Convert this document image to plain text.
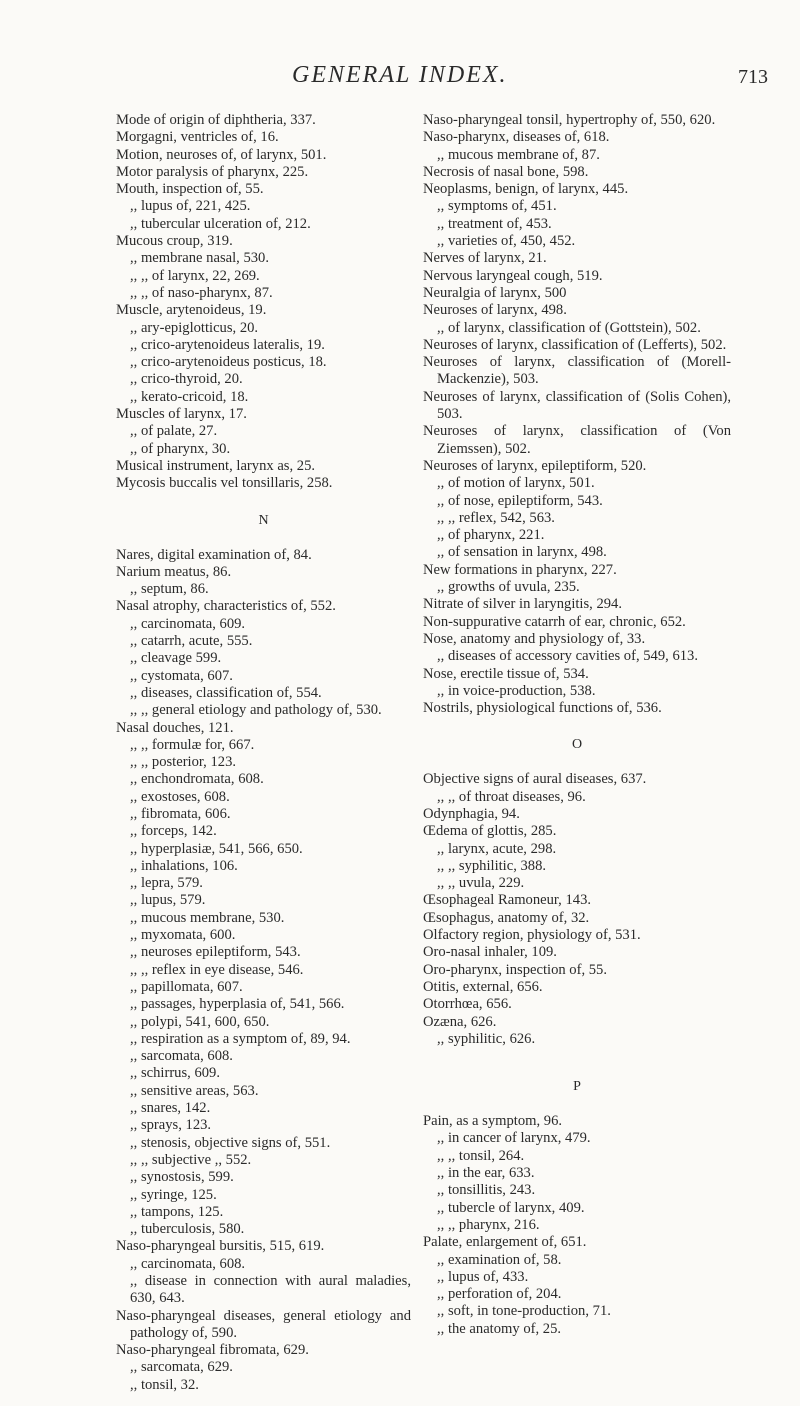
GENERAL INDEX.	713
Mode of origin of diphtheria, 337.
Morgagni, ventricles of, 16.
Motion, neuroses of, of larynx, 501.
Motor paralysis of pharynx, 225.
Mouth, inspection of, 55.
,, lupus of, 221, 425.
,, tubercular ulceration of, 212.
Mucous croup, 319.
,, membrane nasal, 530.
,, ,, of larynx, 22, 269.
,, ,, of naso-pharynx, 87.
Muscle, arytenoideus, 19.
,, ary-epiglotticus, 20.
,, crico-arytenoideus lateralis, 19.
,, crico-arytenoideus posticus, 18.
,, crico-thyroid, 20.
,, kerato-cricoid, 18.
Muscles of larynx, 17.
,, of palate, 27.
,, of pharynx, 30.
Musical instrument, larynx as, 25.
Mycosis buccalis vel tonsillaris, 258.
N
Nares, digital examination of, 84.
Narium meatus, 86.
,, septum, 86.
Nasal atrophy, characteristics of, 552.
,, carcinomata, 609.
,, catarrh, acute, 555.
,, cleavage 599.
,, cystomata, 607.
,, diseases, classification of, 554.
,, ,, general etiology and pathology of, 530.
Nasal douches, 121.
,, ,, formulæ for, 667.
,, ,, posterior, 123.
,, enchondromata, 608.
,, exostoses, 608.
,, fibromata, 606.
,, forceps, 142.
,, hyperplasiæ, 541, 566, 650.
,, inhalations, 106.
,, lepra, 579.
,, lupus, 579.
,, mucous membrane, 530.
,, myxomata, 600.
,, neuroses epileptiform, 543.
,, ,, reflex in eye disease, 546.
,, papillomata, 607.
,, passages, hyperplasia of, 541, 566.
,, polypi, 541, 600, 650.
,, respiration as a symptom of, 89, 94.
,, sarcomata, 608.
,, schirrus, 609.
,, sensitive areas, 563.
,, snares, 142.
,, sprays, 123.
,, stenosis, objective signs of, 551.
,, ,, subjective ,, 552.
,, synostosis, 599.
,, syringe, 125.
,, tampons, 125.
,, tuberculosis, 580.
Naso-pharyngeal bursitis, 515, 619.
,, carcinomata, 608.
,, disease in connection with aural maladies, 630, 643.
Naso-pharyngeal diseases, general etiology and pathology of, 590.
Naso-pharyngeal fibromata, 629.
,, sarcomata, 629.
,, tonsil, 32.
Naso-pharyngeal tonsil, hypertrophy of, 550, 620.
Naso-pharynx, diseases of, 618.
,, mucous membrane of, 87.
Necrosis of nasal bone, 598.
Neoplasms, benign, of larynx, 445.
,, symptoms of, 451.
,, treatment of, 453.
,, varieties of, 450, 452.
Nerves of larynx, 21.
Nervous laryngeal cough, 519.
Neuralgia of larynx, 500
Neuroses of larynx, 498.
,, of larynx, classification of (Gottstein), 502.
Neuroses of larynx, classification of (Lefferts), 502.
Neuroses of larynx, classification of (Morell-Mackenzie), 503.
Neuroses of larynx, classification of (Solis Cohen), 503.
Neuroses of larynx, classification of (Von Ziemssen), 502.
Neuroses of larynx, epileptiform, 520.
,, of motion of larynx, 501.
,, of nose, epileptiform, 543.
,, ,, reflex, 542, 563.
,, of pharynx, 221.
,, of sensation in larynx, 498.
New formations in pharynx, 227.
,, growths of uvula, 235.
Nitrate of silver in laryngitis, 294.
Non-suppurative catarrh of ear, chronic, 652.
Nose, anatomy and physiology of, 33.
,, diseases of accessory cavities of, 549, 613.
Nose, erectile tissue of, 534.
,, in voice-production, 538.
Nostrils, physiological functions of, 536.
O
Objective signs of aural diseases, 637.
,, ,, of throat diseases, 96.
Odynphagia, 94.
Œdema of glottis, 285.
,, larynx, acute, 298.
,, ,, syphilitic, 388.
,, ,, uvula, 229.
Œsophageal Ramoneur, 143.
Œsophagus, anatomy of, 32.
Olfactory region, physiology of, 531.
Oro-nasal inhaler, 109.
Oro-pharynx, inspection of, 55.
Otitis, external, 656.
Otorrhœa, 656.
Ozæna, 626.
,, syphilitic, 626.
P
Pain, as a symptom, 96.
,, in cancer of larynx, 479.
,, ,, tonsil, 264.
,, in the ear, 633.
,, tonsillitis, 243.
,, tubercle of larynx, 409.
,, ,, pharynx, 216.
Palate, enlargement of, 651.
,, examination of, 58.
,, lupus of, 433.
,, perforation of, 204.
,, soft, in tone-production, 71.
,, the anatomy of, 25.
